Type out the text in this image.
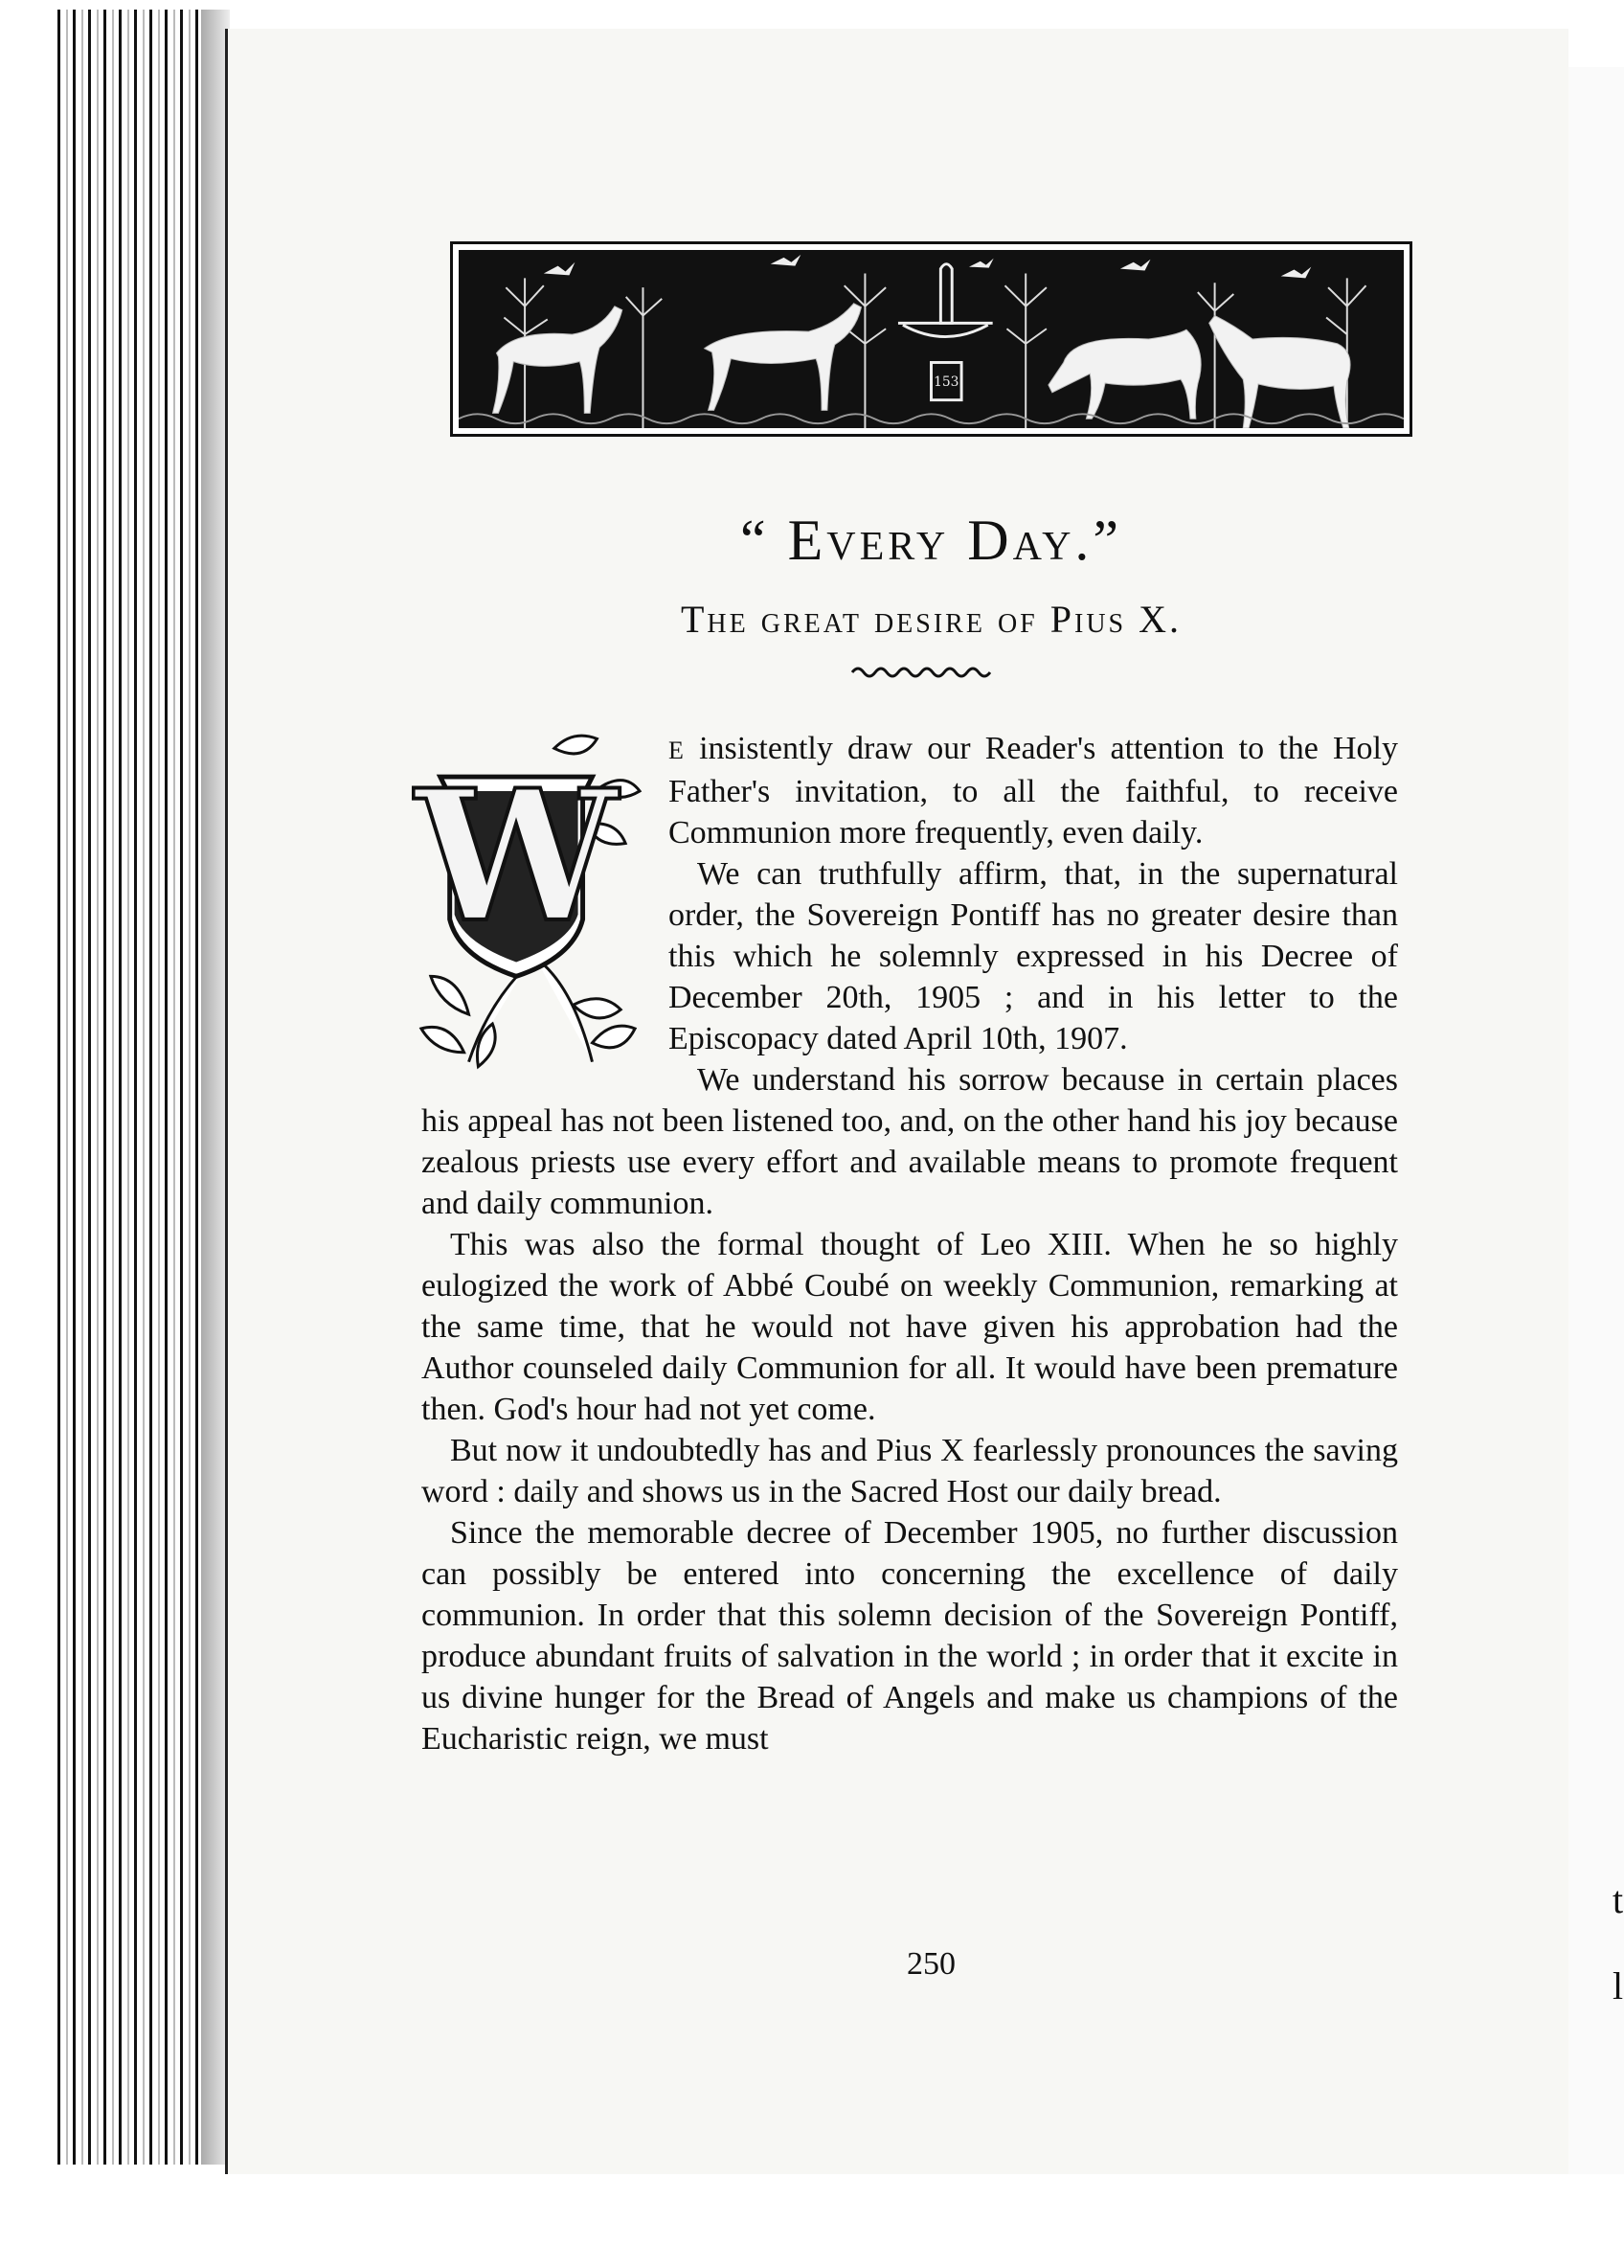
t
l
153
“ Every Day.”
The great desire of Pius X.
W

E insistently draw our Reader's attention to the Holy Father's invitation, to all the faithful, to receive Communion more frequently, even daily.

We can truthfully affirm, that, in the supernatural order, the Sovereign Pontiff has no greater desire than this which he solemnly expressed in his Decree of December 20th, 1905 ; and in his letter to the Episcopacy dated April 10th, 1907.

We understand his sorrow because in certain places his appeal has not been listened too, and, on the other hand his joy because zealous priests use every effort and available means to promote frequent and daily communion.

This was also the formal thought of Leo XIII. When he so highly eulogized the work of Abbé Coubé on weekly Communion, remarking at the same time, that he would not have given his approbation had the Author counseled daily Communion for all. It would have been premature then. God's hour had not yet come.

But now it undoubtedly has and Pius X fearlessly pronounces the saving word : daily and shows us in the Sacred Host our daily bread.

Since the memorable decree of December 1905, no further discussion can possibly be entered into concerning the excellence of daily communion. In order that this solemn decision of the Sovereign Pontiff, produce abundant fruits of salvation in the world ; in order that it excite in us divine hunger for the Bread of Angels and make us champions of the Eucharistic reign, we must

250
